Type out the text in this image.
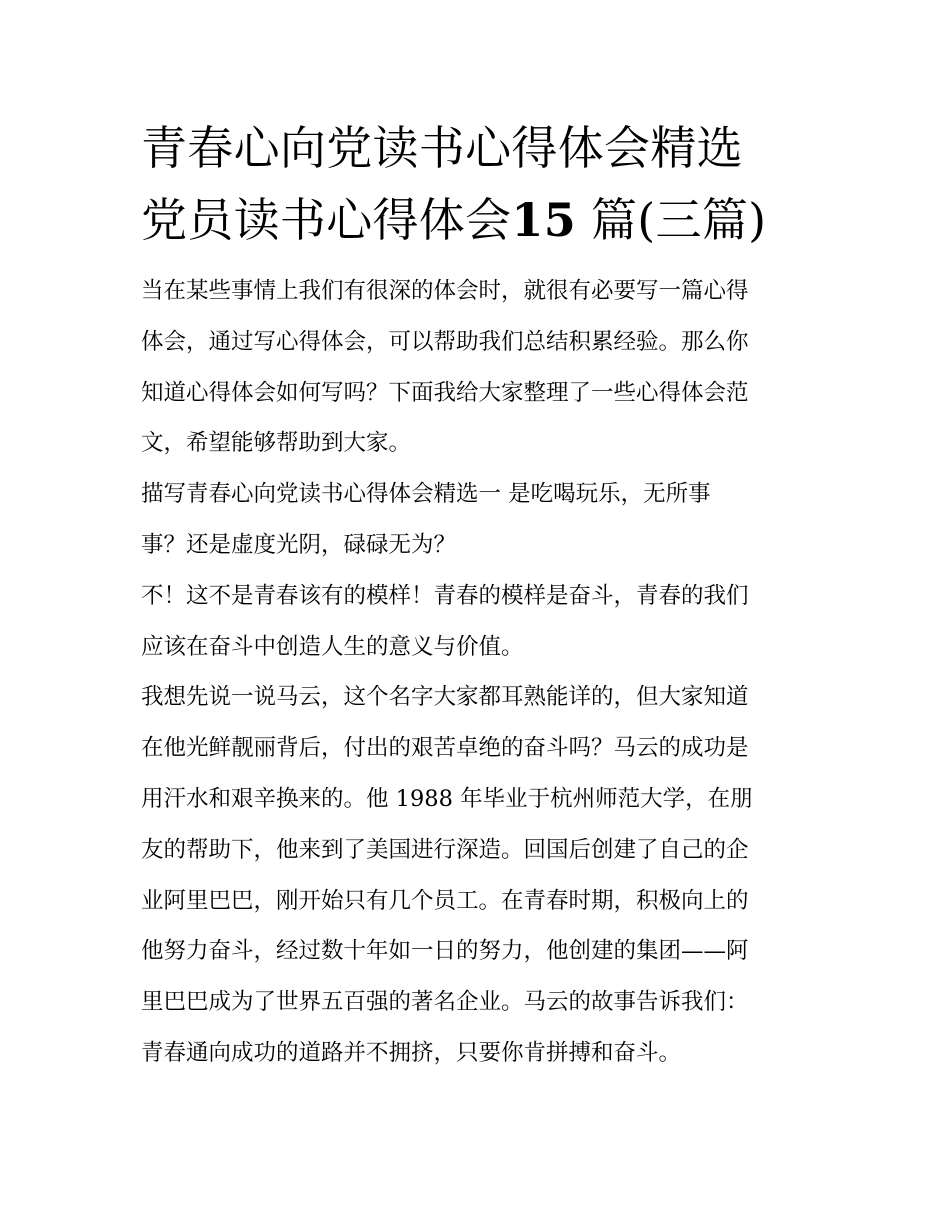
青春心向党读书心得体会精选
党员读书心得体会15 篇(三篇)

当在某些事情上我们有很深的体会时，就很有必要写一篇心得
体会，通过写心得体会，可以帮助我们总结积累经验。那么你
知道心得体会如何写吗？下面我给大家整理了一些心得体会范
文，希望能够帮助到大家。

描写青春心向党读书心得体会精选一 是吃喝玩乐，无所事
事？还是虚度光阴，碌碌无为？

不！这不是青春该有的模样！青春的模样是奋斗，青春的我们
应该在奋斗中创造人生的意义与价值。

我想先说一说马云，这个名字大家都耳熟能详的，但大家知道
在他光鲜靓丽背后，付出的艰苦卓绝的奋斗吗？马云的成功是
用汗水和艰辛换来的。他 1988 年毕业于杭州师范大学，在朋
友的帮助下，他来到了美国进行深造。回国后创建了自己的企
业阿里巴巴，刚开始只有几个员工。在青春时期，积极向上的
他努力奋斗，经过数十年如一日的努力，他创建的集团——阿
里巴巴成为了世界五百强的著名企业。马云的故事告诉我们：
青春通向成功的道路并不拥挤，只要你肯拼搏和奋斗。
